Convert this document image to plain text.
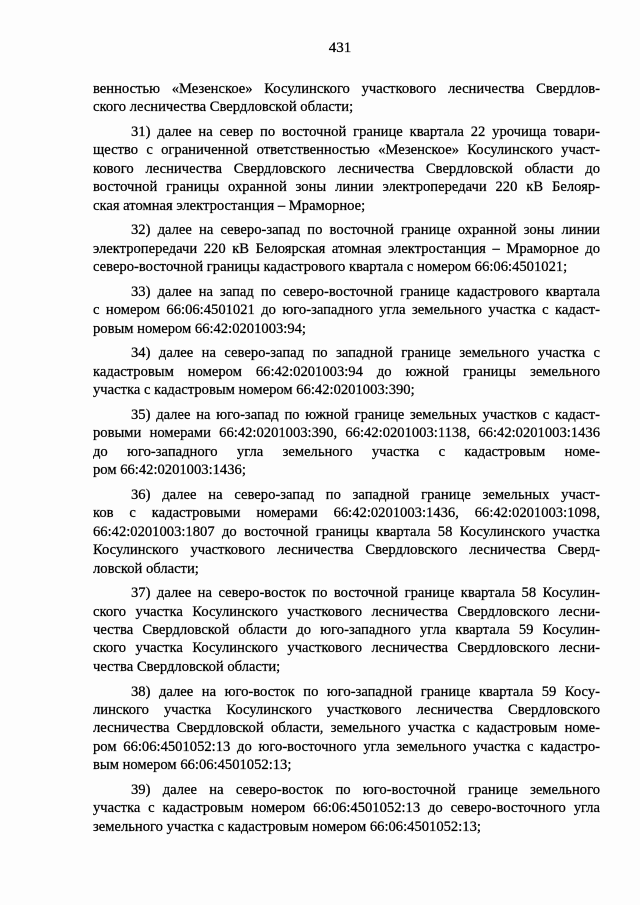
431
венностью «Мезенское» Косулинского участкового лесничества Свердлов-
ского лесничества Свердловской области;
31) далее на север по восточной границе квартала 22 урочища товари-
щество с ограниченной ответственностью «Мезенское» Косулинского участ-
кового лесничества Свердловского лесничества Свердловской области до
восточной границы охранной зоны линии электропередачи 220 кВ Белояр-
ская атомная электростанция – Мраморное;
32) далее на северо-запад по восточной границе охранной зоны линии
электропередачи 220 кВ Белоярская атомная электростанция – Мраморное до
северо-восточной границы кадастрового квартала с номером 66:06:4501021;
33) далее на запад по северо-восточной границе кадастрового квартала
с номером 66:06:4501021 до юго-западного угла земельного участка с кадаст-
ровым номером 66:42:0201003:94;
34) далее на северо-запад по западной границе земельного участка с
кадастровым номером 66:42:0201003:94 до южной границы земельного
участка с кадастровым номером 66:42:0201003:390;
35) далее на юго-запад по южной границе земельных участков с кадаст-
ровыми номерами 66:42:0201003:390, 66:42:0201003:1138, 66:42:0201003:1436
до юго-западного угла земельного участка с кадастровым номе-
ром 66:42:0201003:1436;
36) далее на северо-запад по западной границе земельных участ-
ков с кадастровыми номерами 66:42:0201003:1436, 66:42:0201003:1098,
66:42:0201003:1807 до восточной границы квартала 58 Косулинского участка
Косулинского участкового лесничества Свердловского лесничества Сверд-
ловской области;
37) далее на северо-восток по восточной границе квартала 58 Косулин-
ского участка Косулинского участкового лесничества Свердловского лесни-
чества Свердловской области до юго-западного угла квартала 59 Косулин-
ского участка Косулинского участкового лесничества Свердловского лесни-
чества Свердловской области;
38) далее на юго-восток по юго-западной границе квартала 59 Косу-
линского участка Косулинского участкового лесничества Свердловского
лесничества Свердловской области, земельного участка с кадастровым номе-
ром 66:06:4501052:13 до юго-восточного угла земельного участка с кадастро-
вым номером 66:06:4501052:13;
39) далее на северо-восток по юго-восточной границе земельного
участка с кадастровым номером 66:06:4501052:13 до северо-восточного угла
земельного участка с кадастровым номером 66:06:4501052:13;
